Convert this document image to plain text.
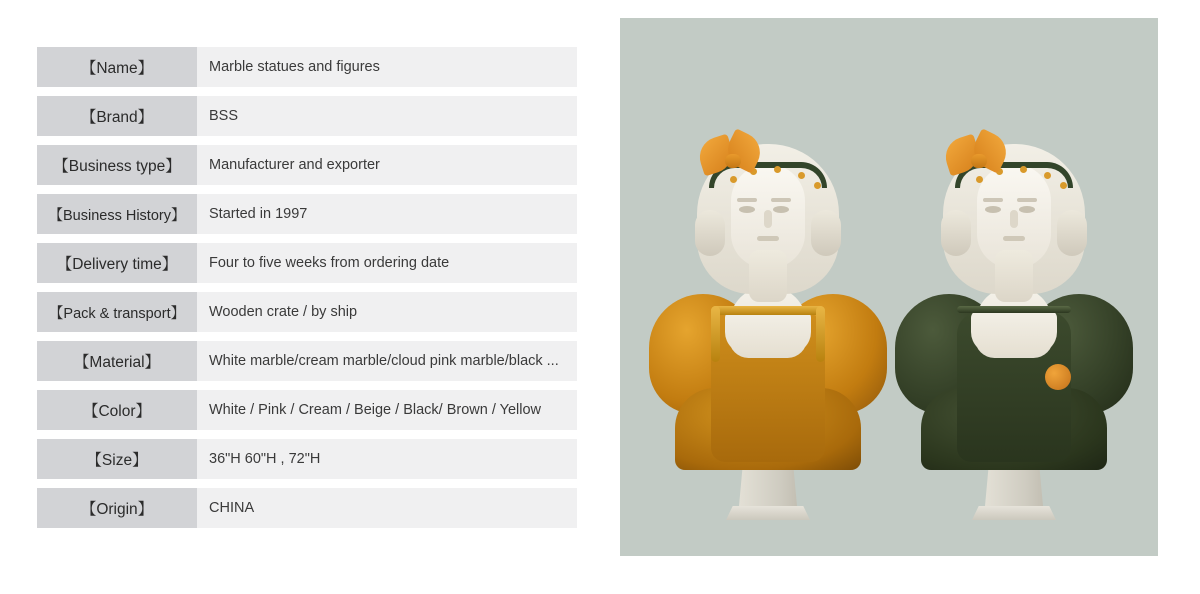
【Name】	Marble statues and figures
【Brand】	BSS
【Business type】	Manufacturer and exporter
【Business History】	Started in 1997
【Delivery time】	Four to five weeks from ordering date
【Pack & transport】	Wooden crate / by ship
【Material】	White marble/cream marble/cloud pink marble/black ...
【Color】	White / Pink / Cream / Beige / Black/ Brown / Yellow
【Size】	36"H 60"H , 72"H
【Origin】	CHINA
